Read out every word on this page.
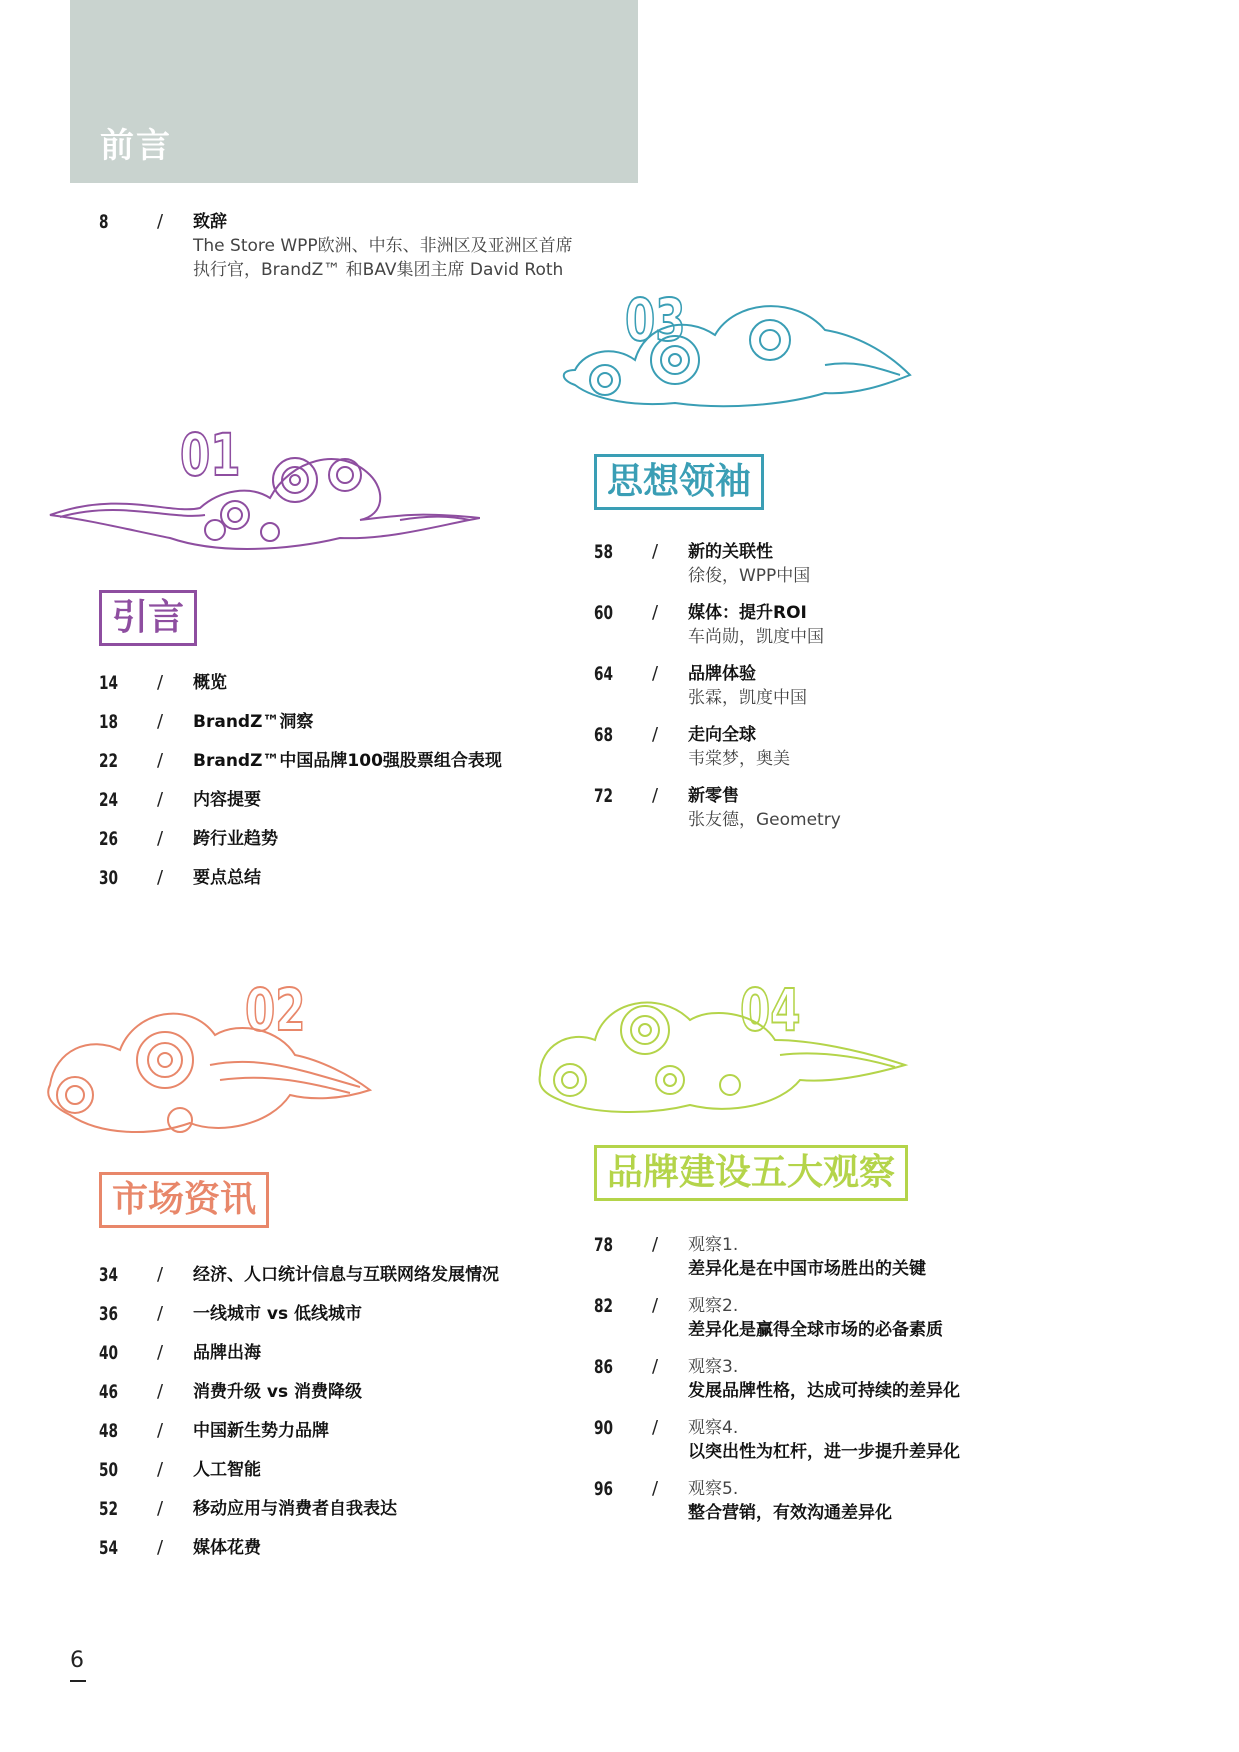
前言
8	/	致辞
The Store WPP欧洲、中东、非洲区及亚洲区首席
执行官，BrandZ™ 和BAV集团主席 David Roth
01
引言
14	/	概览
18	/	BrandZ™洞察
22	/	BrandZ™中国品牌100强股票组合表现
24	/	内容提要
26	/	跨行业趋势
30	/	要点总结
03
思想领袖
58	/	新的关联性
徐俊，WPP中国
60	/	媒体：提升ROI
车尚勋，凯度中国
64	/	品牌体验
张霖，凯度中国
68	/	走向全球
韦棠梦，奥美
72	/	新零售
张友德，Geometry
02
市场资讯
34	/	经济、人口统计信息与互联网络发展情况
36	/	一线城市 vs 低线城市
40	/	品牌出海
46	/	消费升级 vs 消费降级
48	/	中国新生势力品牌
50	/	人工智能
52	/	移动应用与消费者自我表达
54	/	媒体花费
04
品牌建设五大观察
78	/	观察1.
差异化是在中国市场胜出的关键
82	/	观察2.
差异化是赢得全球市场的必备素质
86	/	观察3.
发展品牌性格，达成可持续的差异化
90	/	观察4.
以突出性为杠杆，进一步提升差异化
96	/	观察5.
整合营销，有效沟通差异化
6
